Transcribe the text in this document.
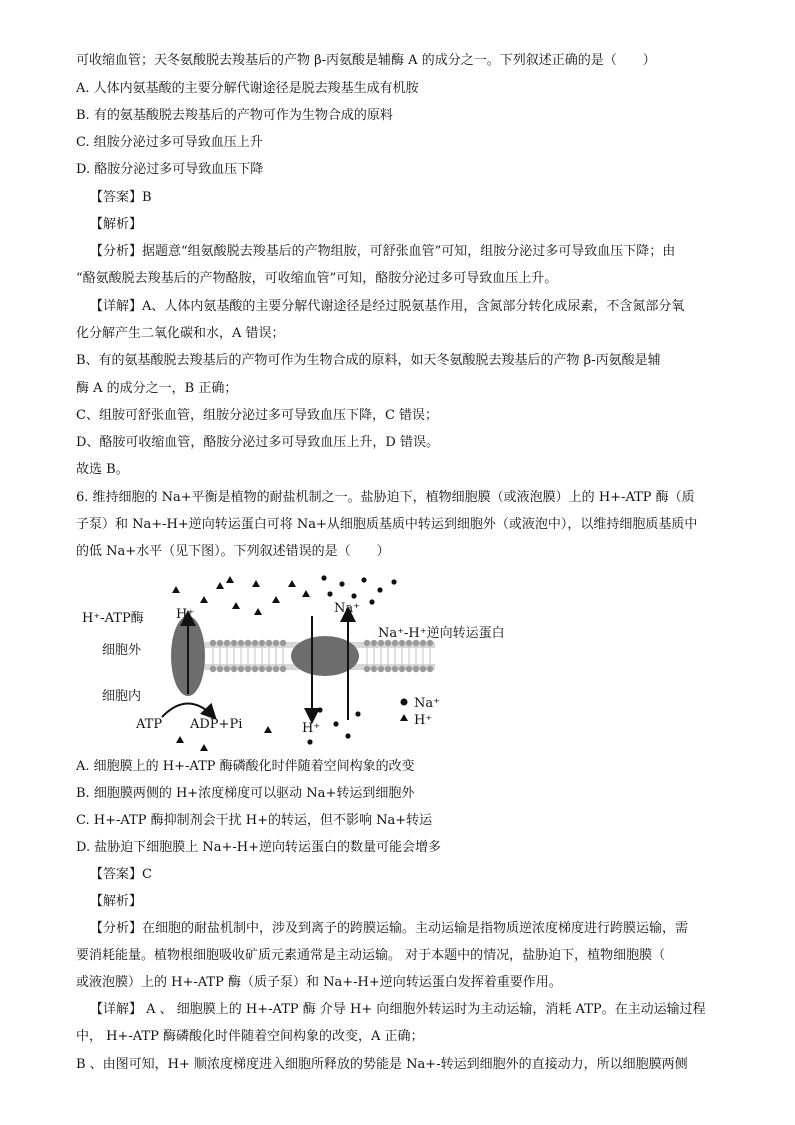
可收缩血管；天冬氨酸脱去羧基后的产物 β-丙氨酸是辅酶 A 的成分之一。下列叙述正确的是（　　）
A. 人体内氨基酸的主要分解代谢途径是脱去羧基生成有机胺
B. 有的氨基酸脱去羧基后的产物可作为生物合成的原料
C. 组胺分泌过多可导致血压上升
D. 酪胺分泌过多可导致血压下降
【答案】B
【解析】
【分析】据题意“组氨酸脱去羧基后的产物组胺，可舒张血管”可知，组胺分泌过多可导致血压下降；由
“酪氨酸脱去羧基后的产物酪胺，可收缩血管”可知，酪胺分泌过多可导致血压上升。
【详解】A、人体内氨基酸的主要分解代谢途径是经过脱氨基作用，含氮部分转化成尿素，不含氮部分氧
化分解产生二氧化碳和水，A 错误；
B、有的氨基酸脱去羧基后的产物可作为生物合成的原料，如天冬氨酸脱去羧基后的产物 β-丙氨酸是辅
酶 A 的成分之一，B 正确；
C、组胺可舒张血管，组胺分泌过多可导致血压下降，C 错误；
D、酪胺可收缩血管，酪胺分泌过多可导致血压上升，D 错误。
故选 B。
6. 维持细胞的 Na+平衡是植物的耐盐机制之一。盐胁迫下，植物细胞膜（或液泡膜）上的 H+-ATP 酶（质
子泵）和 Na+-H+逆向转运蛋白可将 Na+从细胞质基质中转运到细胞外（或液泡中），以维持细胞质基质中
的低 Na+水平（见下图）。下列叙述错误的是（　　）
H⁺-ATP酶 H⁺	Na⁺
Na⁺-H⁺逆向转运蛋白
细胞外
细胞内
ATP ADP+Pi	H⁺
Na⁺
H⁺
A. 细胞膜上的 H+-ATP 酶磷酸化时伴随着空间构象的改变
B. 细胞膜两侧的 H+浓度梯度可以驱动 Na+转运到细胞外
C. H+-ATP 酶抑制剂会干扰 H+的转运，但不影响 Na+转运
D. 盐胁迫下细胞膜上 Na+-H+逆向转运蛋白的数量可能会增多
【答案】C
【解析】
【分析】在细胞的耐盐机制中，涉及到离子的跨膜运输。主动运输是指物质逆浓度梯度进行跨膜运输，需
要消耗能量。植物根细胞吸收矿质元素通常是主动运输。 对于本题中的情况，盐胁迫下，植物细胞膜（
或液泡膜）上的 H+-ATP 酶（质子泵）和 Na+-H+逆向转运蛋白发挥着重要作用。
【详解】 A 、 细胞膜上的 H+-ATP 酶 介导 H+ 向细胞外转运时为主动运输，消耗 ATP。在主动运输过程
中， H+-ATP 酶磷酸化时伴随着空间构象的改变，A 正确；
B 、由图可知，H+ 顺浓度梯度进入细胞所释放的势能是 Na+-转运到细胞外的直接动力，所以细胞膜两侧
